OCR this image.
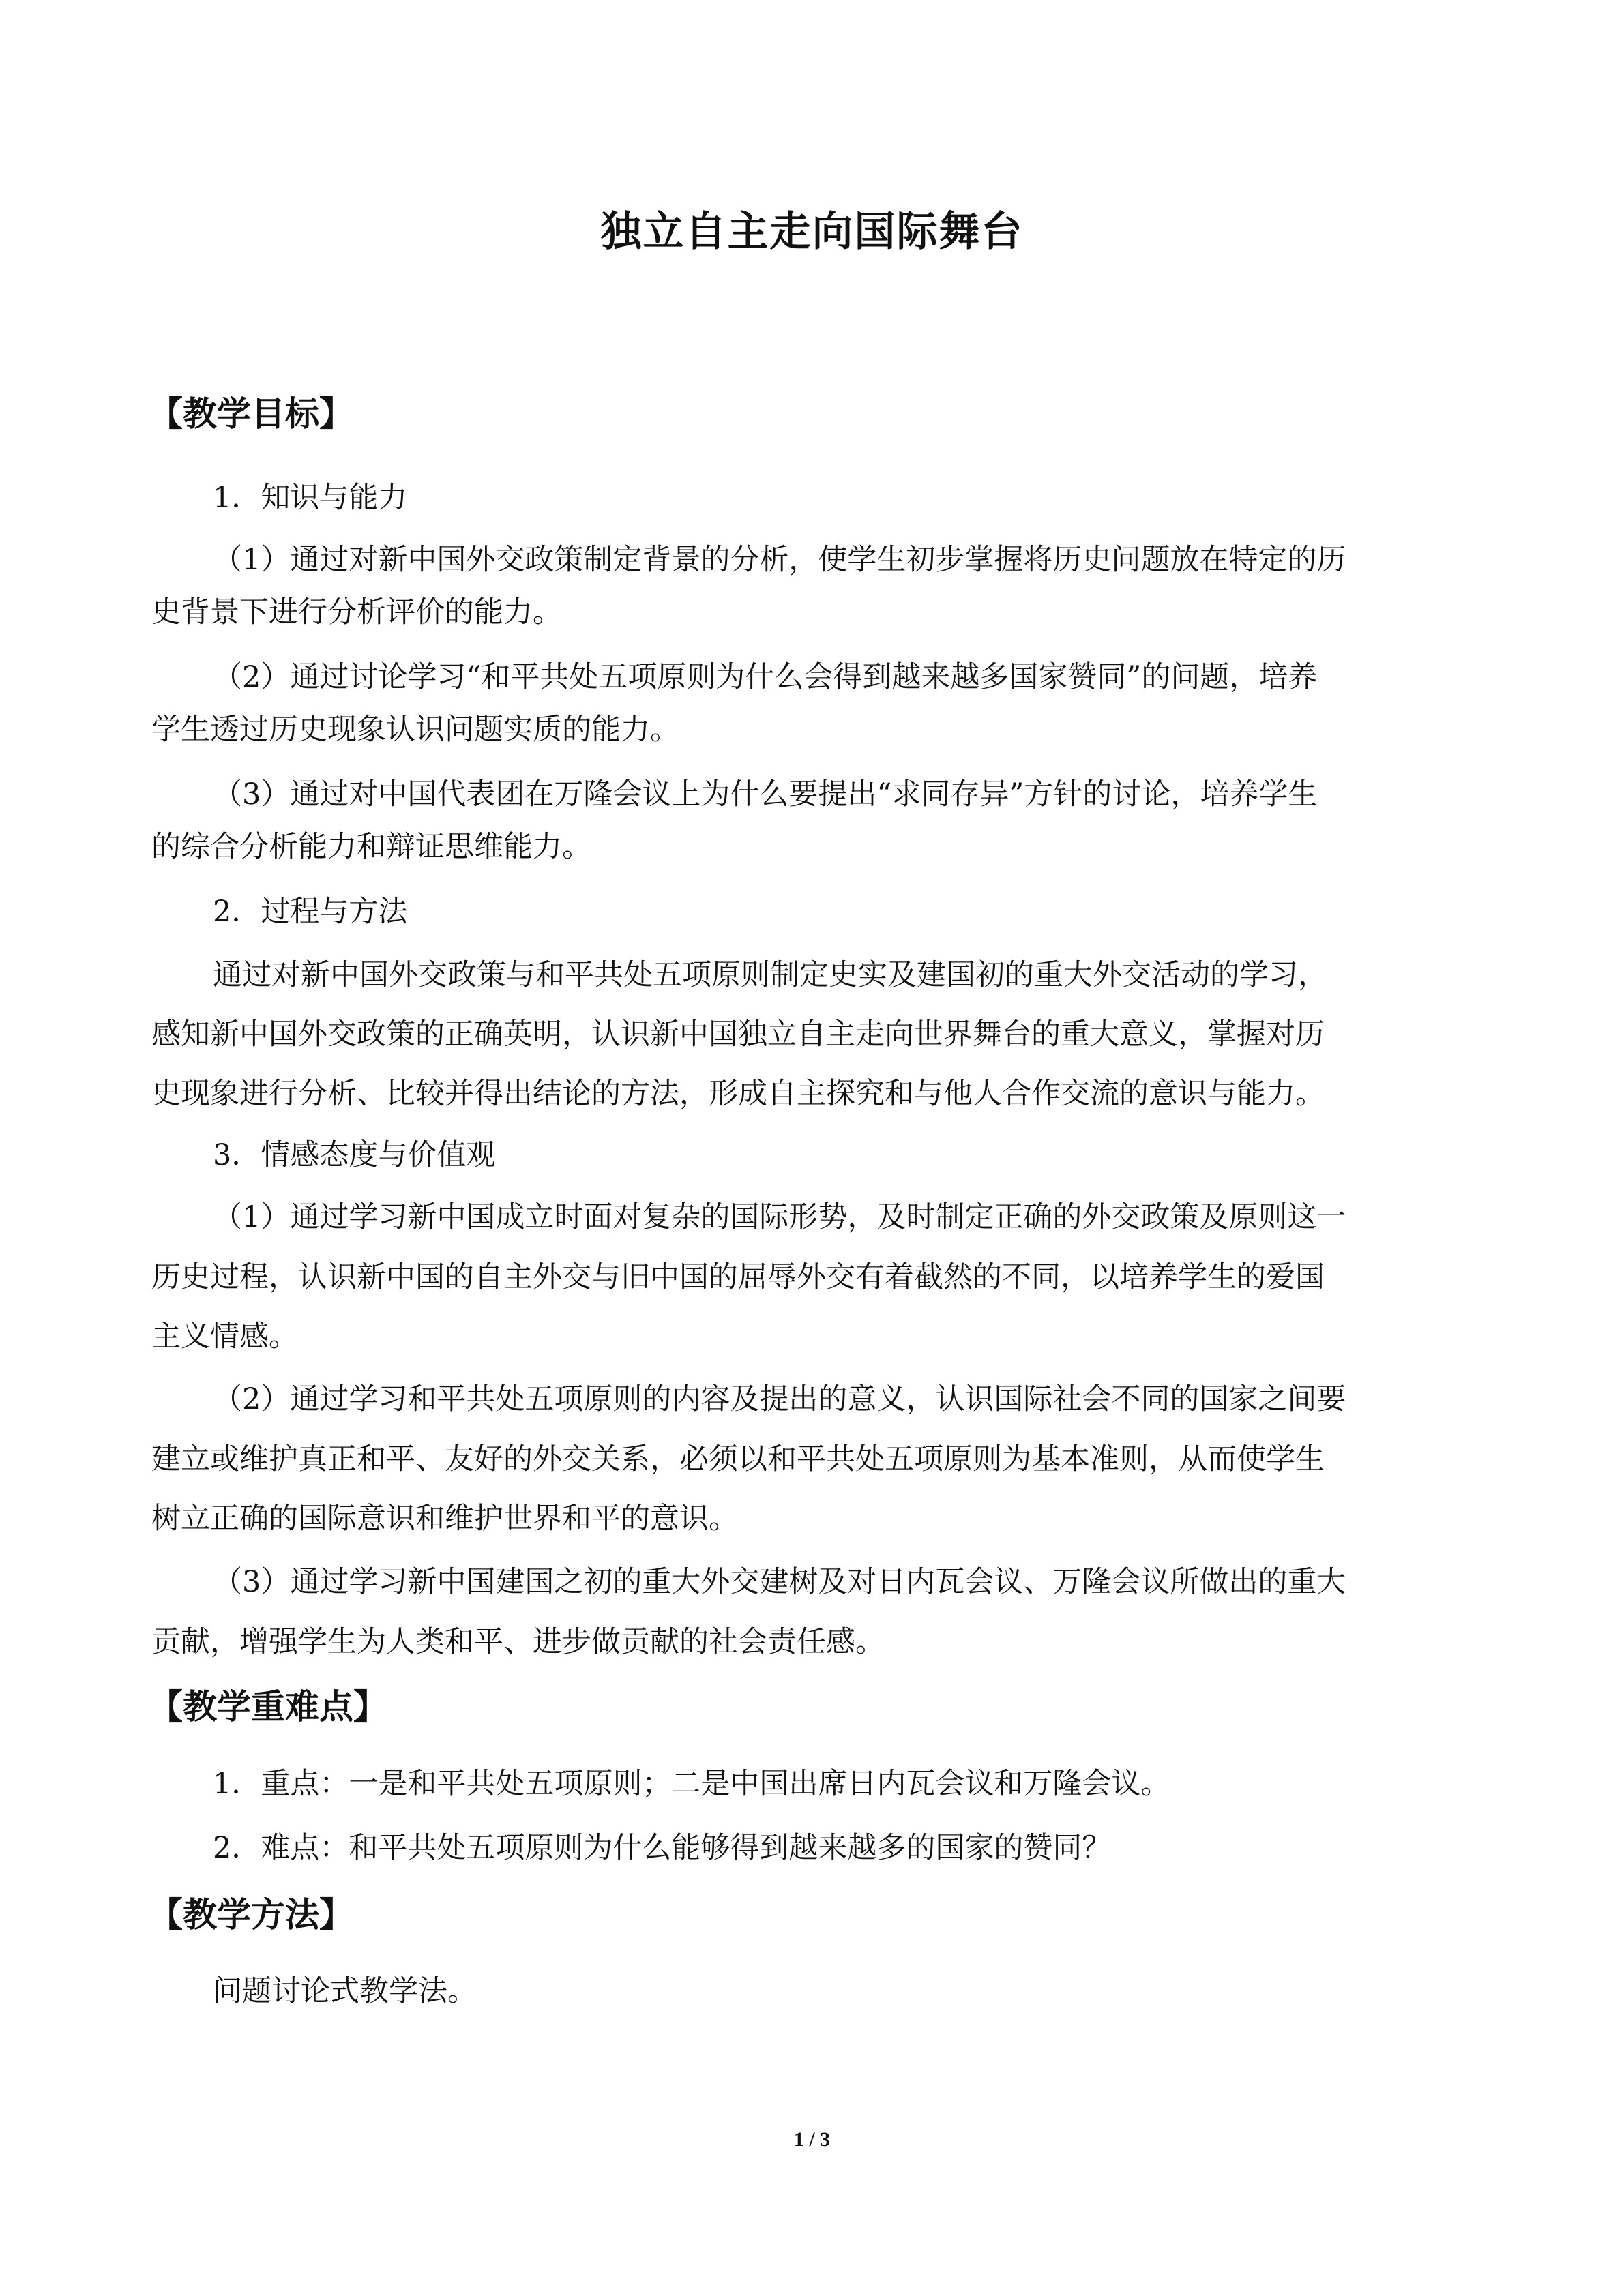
独立自主走向国际舞台
【教学目标】
1．知识与能力
（1）通过对新中国外交政策制定背景的分析，使学生初步掌握将历史问题放在特定的历
史背景下进行分析评价的能力。
（2）通过讨论学习“和平共处五项原则为什么会得到越来越多国家赞同”的问题，培养
学生透过历史现象认识问题实质的能力。
（3）通过对中国代表团在万隆会议上为什么要提出“求同存异”方针的讨论，培养学生
的综合分析能力和辩证思维能力。
2．过程与方法
通过对新中国外交政策与和平共处五项原则制定史实及建国初的重大外交活动的学习，
感知新中国外交政策的正确英明，认识新中国独立自主走向世界舞台的重大意义，掌握对历
史现象进行分析、比较并得出结论的方法，形成自主探究和与他人合作交流的意识与能力。
3．情感态度与价值观
（1）通过学习新中国成立时面对复杂的国际形势，及时制定正确的外交政策及原则这一
历史过程，认识新中国的自主外交与旧中国的屈辱外交有着截然的不同，以培养学生的爱国
主义情感。
（2）通过学习和平共处五项原则的内容及提出的意义，认识国际社会不同的国家之间要
建立或维护真正和平、友好的外交关系，必须以和平共处五项原则为基本准则，从而使学生
树立正确的国际意识和维护世界和平的意识。
（3）通过学习新中国建国之初的重大外交建树及对日内瓦会议、万隆会议所做出的重大
贡献，增强学生为人类和平、进步做贡献的社会责任感。
【教学重难点】
1．重点：一是和平共处五项原则；二是中国出席日内瓦会议和万隆会议。
2．难点：和平共处五项原则为什么能够得到越来越多的国家的赞同？
【教学方法】
问题讨论式教学法。
1 / 3
